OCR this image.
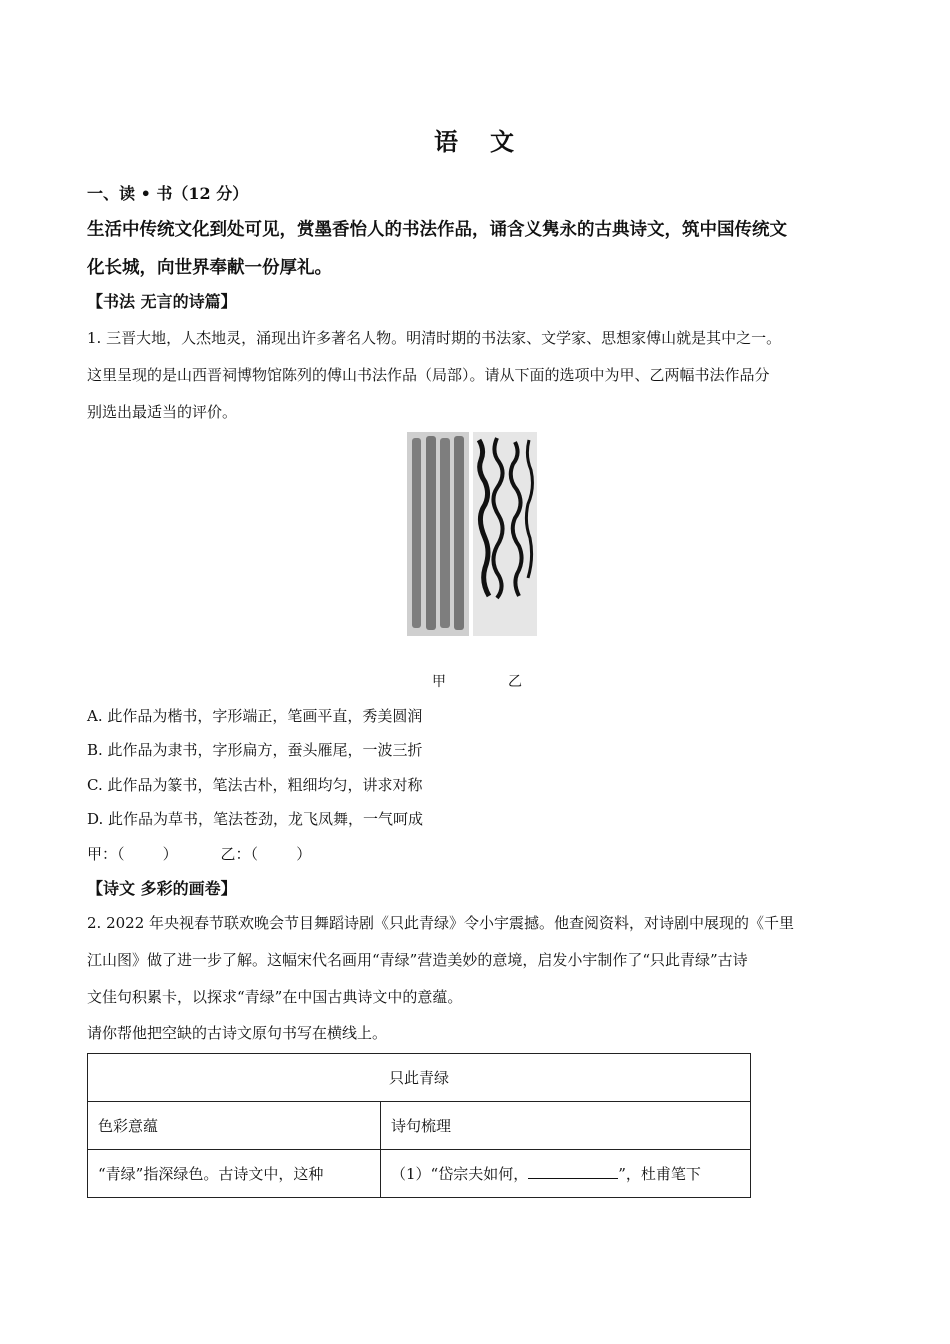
语 文
一、读 • 书（12 分）
生活中传统文化到处可见，赏墨香怡人的书法作品，诵含义隽永的古典诗文，筑中国传统文
化长城，向世界奉献一份厚礼。
【书法 无言的诗篇】
1. 三晋大地，人杰地灵，涌现出许多著名人物。明清时期的书法家、文学家、思想家傅山就是其中之一。
这里呈现的是山西晋祠博物馆陈列的傅山书法作品（局部）。请从下面的选项中为甲、乙两幅书法作品分
别选出最适当的评价。
甲	乙
A. 此作品为楷书，字形端正，笔画平直，秀美圆润
B. 此作品为隶书，字形扁方，蚕头雁尾，一波三折
C. 此作品为篆书，笔法古朴，粗细均匀，讲求对称
D. 此作品为草书，笔法苍劲，龙飞凤舞，一气呵成
甲：（        ）         乙：（        ）
【诗文 多彩的画卷】
2. 2022 年央视春节联欢晚会节目舞蹈诗剧《只此青绿》令小宇震撼。他查阅资料，对诗剧中展现的《千里
江山图》做了进一步了解。这幅宋代名画用“青绿”营造美妙的意境，启发小宇制作了“只此青绿”古诗
文佳句积累卡，以探求“青绿”在中国古典诗文中的意蕴。
请你帮他把空缺的古诗文原句书写在横线上。
只此青绿	
色彩意蕴	诗句梳理
“青绿”指深绿色。古诗文中，这种	（1）“岱宗夫如何， ”，杜甫笔下
